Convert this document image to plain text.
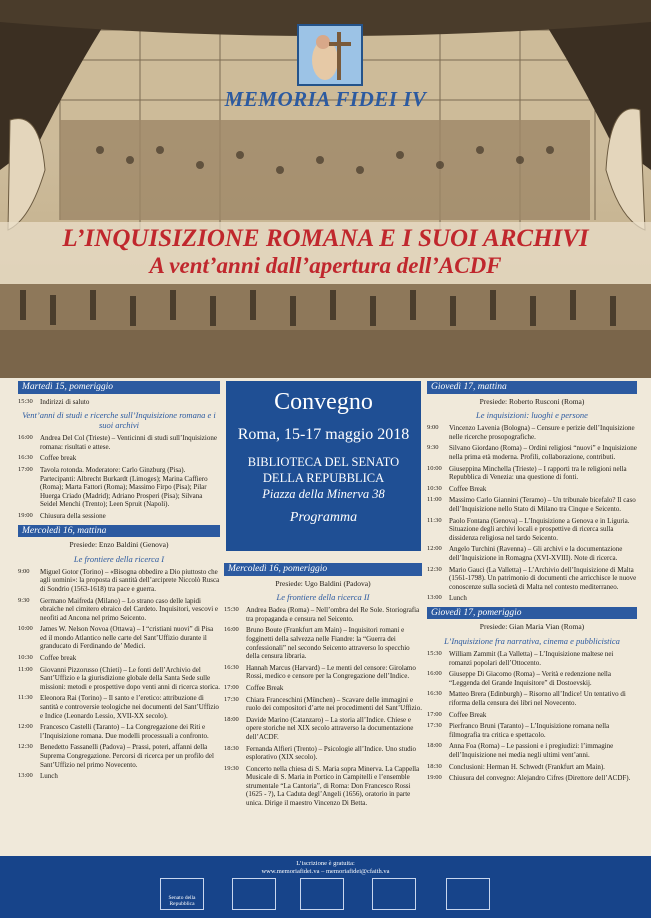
MEMORIA FIDEI IV
L’INQUISIZIONE ROMANA E I SUOI ARCHIVI
A vent’anni dall’apertura dell’ACDF
Martedì 15, pomeriggio
15:30	Indirizzi di saluto
Vent’anni di studi e ricerche sull’Inquisizione romana e i suoi archivi
16:00	Andrea Del Col (Trieste) – Venticinni di studi sull’Inquisizione romana: risultati e attese.
16:30	Coffee break
17:00	Tavola rotonda. Moderatore: Carlo Ginzburg (Pisa). Partecipanti: Albrecht Burkardt (Limoges); Marina Caffiero (Roma); Marta Fattori (Roma); Massimo Firpo (Pisa); Pilar Huerga Criado (Madrid); Adriano Prosperi (Pisa); Silvana Seidel Menchi (Trento); Leen Spruit (Napoli).
19:00	Chiusura della sessione
Mercoledì 16, mattina
Presiede: Enzo Baldini (Genova)
Le frontiere della ricerca I
9:00	Miguel Gotor (Torino) – «Bisogna obbedire a Dio piuttosto che agli uomini»: la proposta di santità dell’arciprete Niccolò Rusca di Sondrio (1563-1618) tra pace e guerra.
9:30	Germano Maifreda (Milano) – Lo strano caso delle lapidi ebraiche nel cimitero ebraico del Cardeto. Inquisitori, vescovi e neofiti ad Ancona nel primo Seicento.
10:00	James W. Nelson Novoa (Ottawa) – I “cristiani nuovi” di Pisa ed il mondo Atlantico nelle carte del Sant’Uffizio durante il granducato di Ferdinando de’ Medici.
10:30	Coffee break
11:00	Giovanni Pizzorusso (Chieti) – Le fonti dell’Archivio del Sant’Uffizio e la giurisdizione globale della Santa Sede sulle missioni: metodi e prospettive dopo venti anni di ricerca storica.
11:30	Eleonora Rai (Torino) – Il santo e l’eretico: attribuzione di santità e controversie teologiche nei documenti del Sant’Uffizio e Indice (Leonardo Lessio, XVII-XX secolo).
12:00	Francesco Castelli (Taranto) – La Congregazione dei Riti e l’Inquisizione romana. Due modelli processuali a confronto.
12:30	Benedetto Fassanelli (Padova) – Prassi, poteri, affanni della Suprema Congregazione. Percorsi di ricerca per un profilo del Sant’Uffizio nel primo Novecento.
13:00	Lunch
Convegno
Roma, 15-17 maggio 2018
BIBLIOTECA DEL SENATO
DELLA REPUBBLICA
Piazza della Minerva 38
Programma
Mercoledì 16, pomeriggio
Presiede: Ugo Baldini (Padova)
Le frontiere della ricerca II
15:30	Andrea Badea (Roma) – Nell’ombra del Re Sole. Storiografia tra propaganda e censura nel Seicento.
16:00	Bruno Boute (Frankfurt am Main) – Inquisitori romani e fogginetti della salvezza nelle Fiandre: la “Guerra dei confessionali” nel secondo Seicento attraverso lo specchio della censura libraria.
16:30	Hannah Marcus (Harvard) – Le menti del censore: Girolamo Rossi, medico e censore per la Congregazione dell’Indice.
17:00	Coffee Break
17:30	Chiara Franceschini (München) – Scavare delle immagini e ruolo dei compositori d’arte nei procedimenti del Sant’Uffizio.
18:00	Davide Marino (Catanzaro) – La storia all’Indice. Chiese e opere storiche nel XIX secolo attraverso la documentazione dell’ACDF.
18:30	Fernanda Alfieri (Trento) – Psicologie all’Indice. Uno studio esplorativo (XIX secolo).
19:30	Concerto nella chiesa di S. Maria sopra Minerva. La Cappella Musicale di S. Maria in Portico in Campitelli e l’ensemble strumentale “La Cantoria”, di Roma: Don Francesco Rossi (1625 - ?), La Caduta degl’Angeli (1656), oratorio in parte unica. Dirige il maestro Vincenzo Di Betta.
Giovedì 17, mattina
Presiede: Roberto Rusconi (Roma)
Le inquisizioni: luoghi e persone
9:00	Vincenzo Lavenia (Bologna) – Censure e perizie dell’Inquisizione nelle ricerche prosopografiche.
9:30	Silvano Giordano (Roma) – Ordini religiosi “nuovi” e Inquisizione nella prima età moderna. Profili, collaborazione, contributi.
10:00	Giuseppina Minchella (Trieste) – I rapporti tra le religioni nella Repubblica di Venezia: una questione di fonti.
10:30	Coffee Break
11:00	Massimo Carlo Giannini (Teramo) – Un tribunale bicefalo? Il caso dell’Inquisizione nello Stato di Milano tra Cinque e Seicento.
11:30	Paolo Fontana (Genova) – L’Inquisizione a Genova e in Liguria. Situazione degli archivi locali e prospettive di ricerca sulla dissidenza religiosa nel tardo Seicento.
12:00	Angelo Turchini (Ravenna) – Gli archivi e la documentazione dell’Inquisizione in Romagna (XVI-XVIII). Note di ricerca.
12:30	Mario Gauci (La Valletta) – L’Archivio dell’Inquisizione di Malta (1561-1798). Un patrimonio di documenti che arricchisce le nuove conoscenze sulla società di Malta nel contesto mediterraneo.
13:00	Lunch
Giovedì 17, pomeriggio
Presiede: Gian Maria Vian (Roma)
L’Inquisizione fra narrativa, cinema e pubblicistica
15:30	William Zammit (La Valletta) – L’Inquisizione maltese nei romanzi popolari dell’Ottocento.
16:00	Giuseppe Di Giacomo (Roma) – Verità e redenzione nella “Leggenda del Grande Inquisitore” di Dostoevskij.
16:30	Matteo Brera (Edinburgh) – Risorno all’Indice! Un tentativo di riforma della censura dei libri nel Novecento.
17:00	Coffee Break
17:30	Pierfranco Bruni (Taranto) – L’Inquisizione romana nella filmografia tra critica e spettacolo.
18:00	Anna Foa (Roma) – Le passioni e i pregiudizi: l’immagine dell’Inquisizione nei media negli ultimi vent’anni.
18:30	Conclusioni: Herman H. Schwedt (Frankfurt am Main).
19:00	Chiusura del convegno: Alejandro Cifres (Direttore dell’ACDF).
L’iscrizione è gratuita:
www.memoriafidei.va – memoriafidei@cfaith.va
Senato della Repubblica
